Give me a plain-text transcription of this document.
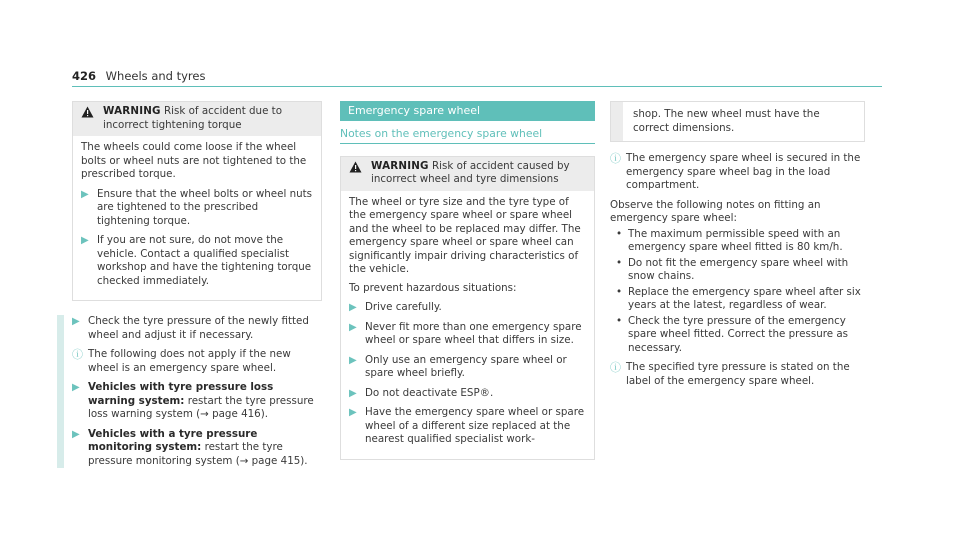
426 Wheels and tyres
WARNING Risk of accident due to incorrect tightening torque

The wheels could come loose if the wheel bolts or wheel nuts are not tightened to the prescribed torque.

▶ Ensure that the wheel bolts or wheel nuts are tightened to the prescribed tightening torque.
▶ If you are not sure, do not move the vehicle. Contact a qualified specialist workshop and have the tightening torque checked immediately.
▶ Check the tyre pressure of the newly fitted wheel and adjust it if necessary.
ⓘ The following does not apply if the new wheel is an emergency spare wheel.
▶ Vehicles with tyre pressure loss warning system: restart the tyre pressure loss warning system (→ page 416).
▶ Vehicles with a tyre pressure monitoring system: restart the tyre pressure monitoring system (→ page 415).
Emergency spare wheel
Notes on the emergency spare wheel
WARNING Risk of accident caused by incorrect wheel and tyre dimensions

The wheel or tyre size and the tyre type of the emergency spare wheel or spare wheel and the wheel to be replaced may differ. The emergency spare wheel or spare wheel can significantly impair driving characteristics of the vehicle.

To prevent hazardous situations:

▶ Drive carefully.
▶ Never fit more than one emergency spare wheel or spare wheel that differs in size.
▶ Only use an emergency spare wheel or spare wheel briefly.
▶ Do not deactivate ESP®.
▶ Have the emergency spare wheel or spare wheel of a different size replaced at the nearest qualified specialist work-
shop. The new wheel must have the correct dimensions.
ⓘ The emergency spare wheel is secured in the emergency spare wheel bag in the load compartment.
Observe the following notes on fitting an emergency spare wheel:
• The maximum permissible speed with an emergency spare wheel fitted is 80 km/h.
• Do not fit the emergency spare wheel with snow chains.
• Replace the emergency spare wheel after six years at the latest, regardless of wear.
• Check the tyre pressure of the emergency spare wheel fitted. Correct the pressure as necessary.
ⓘ The specified tyre pressure is stated on the label of the emergency spare wheel.
